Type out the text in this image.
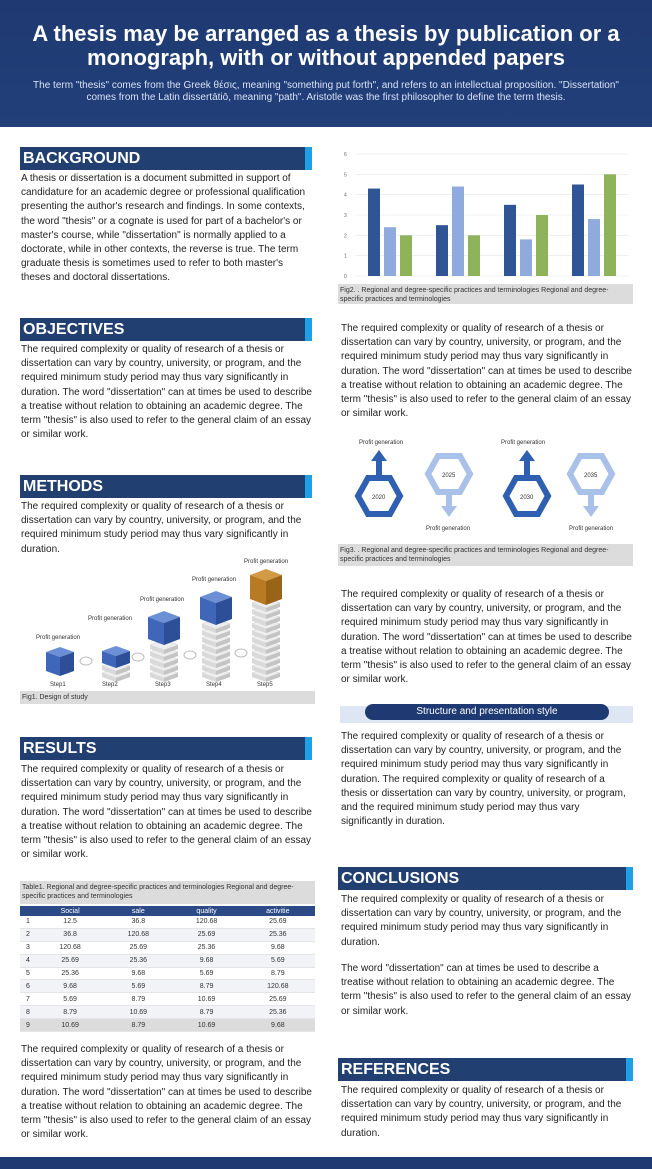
A thesis may be arranged as a thesis by publication or a monograph, with or without appended papers
The term "thesis" comes from the Greek θέσις, meaning "something put forth", and refers to an intellectual proposition. "Dissertation" comes from the Latin dissertātiō, meaning "path". Aristotle was the first philosopher to define the term thesis.
BACKGROUND

A thesis or dissertation is a document submitted in support of candidature for an academic degree or professional qualification presenting the author's research and findings. In some contexts, the word "thesis" or a cognate is used for part of a bachelor's or master's course, while "dissertation" is normally applied to a doctorate, while in other contexts, the reverse is true. The term graduate thesis is sometimes used to refer to both master's theses and doctoral dissertations.

OBJECTIVES

The required complexity or quality of research of a thesis or dissertation can vary by country, university, or program, and the required minimum study period may thus vary significantly in duration. The word "dissertation" can at times be used to describe a treatise without relation to obtaining an academic degree. The term "thesis" is also used to refer to the general claim of an essay or similar work.

METHODS

The required complexity or quality of research of a thesis or dissertation can vary by country, university, or program, and the required minimum study period may thus vary significantly in duration.

Profit generation
Profit generation
Profit generation
Profit generation
Profit generation
Step1	Step2	Step3	Step4	Step5
Fig1. Design of study
RESULTS

The required complexity or quality of research of a thesis or dissertation can vary by country, university, or program, and the required minimum study period may thus vary significantly in duration. The word "dissertation" can at times be used to describe a treatise without relation to obtaining an academic degree. The term "thesis" is also used to refer to the general claim of an essay or similar work.

Table1. Regional and degree-specific practices and terminologies Regional and degree-specific practices and terminologies
	Social	sale	quality	activitie
1	12.5	36.8	120.68	25.69
2	36.8	120.68	25.69	25.36
3	120.68	25.69	25.36	9.68
4	25.69	25.36	9.68	5.69
5	25.36	9.68	5.69	8.79
6	9.68	5.69	8.79	120.68
7	5.69	8.79	10.69	25.69
8	8.79	10.69	8.79	25.36
9	10.69	8.79	10.69	9.68

The required complexity or quality of research of a thesis or dissertation can vary by country, university, or program, and the required minimum study period may thus vary significantly in duration. The word "dissertation" can at times be used to describe a treatise without relation to obtaining an academic degree. The term "thesis" is also used to refer to the general claim of an essay or similar work.

0
1
2
3
4
5
6
Fig2. . Regional and degree-specific practices and terminologies Regional and degree-specific practices and terminologies

The required complexity or quality of research of a thesis or dissertation can vary by country, university, or program, and the required minimum study period may thus vary significantly in duration. The word "dissertation" can at times be used to describe a treatise without relation to obtaining an academic degree. The term "thesis" is also used to refer to the general claim of an essay or similar work.

2020
2025
2030
2035
Profit generation
Profit generation
Profit generation
Profit generation
Fig3. . Regional and degree-specific practices and terminologies Regional and degree-specific practices and terminologies

The required complexity or quality of research of a thesis or dissertation can vary by country, university, or program, and the required minimum study period may thus vary significantly in duration. The word "dissertation" can at times be used to describe a treatise without relation to obtaining an academic degree. The term "thesis" is also used to refer to the general claim of an essay or similar work.

Structure and presentation style

The required complexity or quality of research of a thesis or dissertation can vary by country, university, or program, and the required minimum study period may thus vary significantly in duration. The required complexity or quality of research of a thesis or dissertation can vary by country, university, or program, and the required minimum study period may thus vary significantly in duration.

CONCLUSIONS

The required complexity or quality of research of a thesis or dissertation can vary by country, university, or program, and the required minimum study period may thus vary significantly in duration.

The word "dissertation" can at times be used to describe a treatise without relation to obtaining an academic degree. The term "thesis" is also used to refer to the general claim of an essay or similar work.

REFERENCES

The required complexity or quality of research of a thesis or dissertation can vary by country, university, or program, and the required minimum study period may thus vary significantly in duration.
